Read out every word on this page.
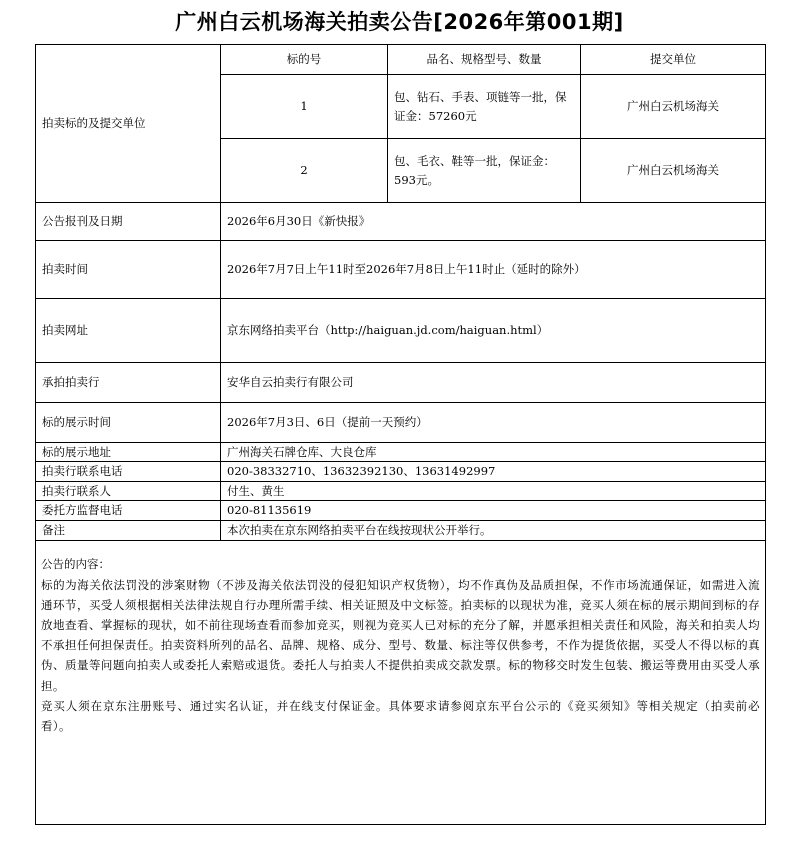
广州白云机场海关拍卖公告[2026年第001期]
拍卖标的及提交单位	标的号	品名、规格型号、数量	提交单位
	1	包、钻石、手表、项链等一批，保证金：57260元	广州白云机场海关
	2	包、毛衣、鞋等一批，保证金：593元。	广州白云机场海关
公告报刊及日期	2026年6月30日《新快报》		
拍卖时间	2026年7月7日上午11时至2026年7月8日上午11时止（延时的除外）		
拍卖网址	京东网络拍卖平台（http://haiguan.jd.com/haiguan.html）		
承拍拍卖行	安华自云拍卖行有限公司		
标的展示时间	2026年7月3日、6日（提前一天预约）		
标的展示地址	广州海关石牌仓库、大良仓库		
拍卖行联系电话	020-38332710、13632392130、13631492997		
拍卖行联系人	付生、黄生		
委托方监督电话	020-81135619		
备注	本次拍卖在京东网络拍卖平台在线按现状公开举行。		

公告的内容：
标的为海关依法罚没的涉案财物（不涉及海关依法罚没的侵犯知识产权货物），均不作真伪及品质担保，不作市场流通保证，如需进入流通环节，买受人须根据相关法律法规自行办理所需手续、相关证照及中文标签。拍卖标的以现状为准，竞买人须在标的展示期间到标的存放地查看、掌握标的现状，如不前往现场查看而参加竞买，则视为竞买人已对标的充分了解，并愿承担相关责任和风险，海关和拍卖人均不承担任何担保责任。拍卖资料所列的品名、品牌、规格、成分、型号、数量、标注等仅供参考，不作为提货依据，买受人不得以标的真伪、质量等问题向拍卖人或委托人索赔或退货。委托人与拍卖人不提供拍卖成交款发票。标的物移交时发生包装、搬运等费用由买受人承担。
竞买人须在京东注册账号、通过实名认证，并在线支付保证金。具体要求请参阅京东平台公示的《竞买须知》等相关规定（拍卖前必看）。			
